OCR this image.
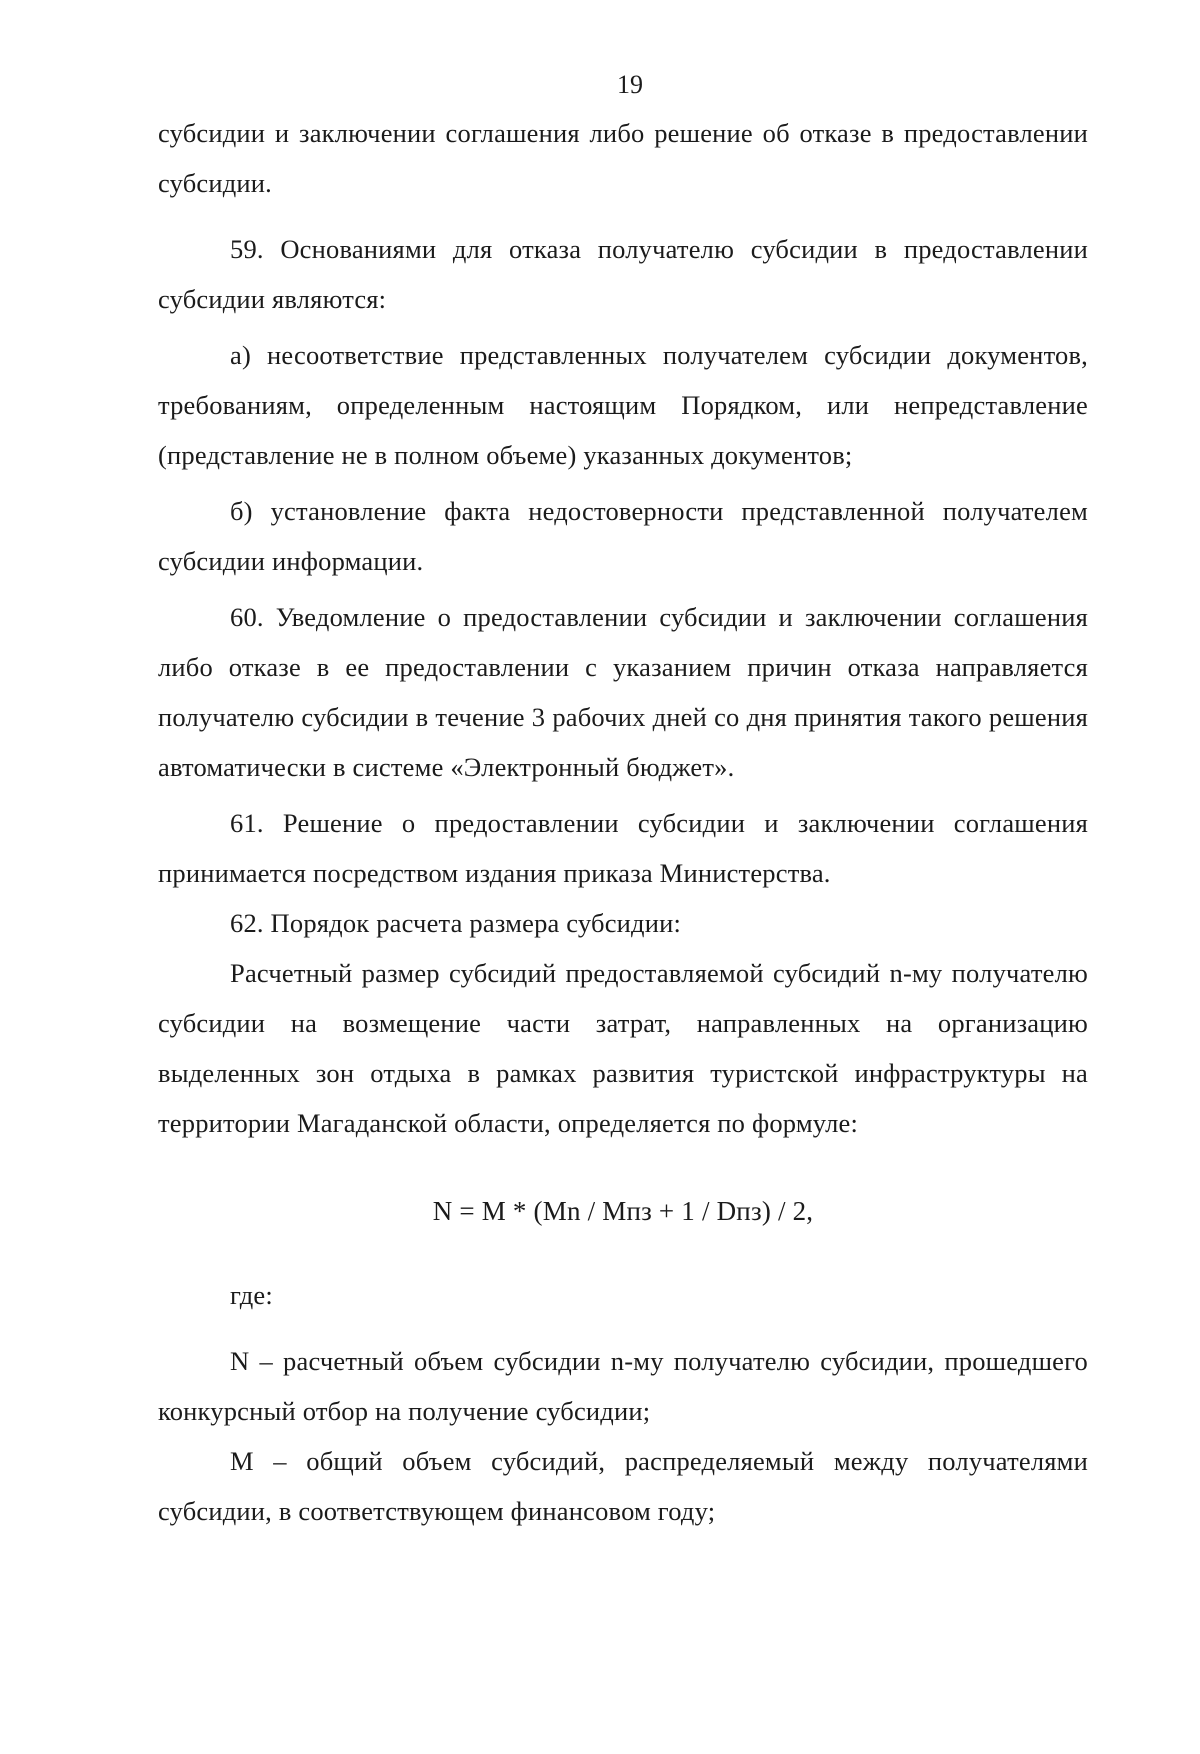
19

субсидии и заключении соглашения либо решение об отказе в предоставлении субсидии.

59. Основаниями для отказа получателю субсидии в предоставлении субсидии являются:

а) несоответствие представленных получателем субсидии документов, требованиям, определенным настоящим Порядком, или непредставление (представление не в полном объеме) указанных документов;

б) установление факта недостоверности представленной получателем субсидии информации.

60. Уведомление о предоставлении субсидии и заключении соглашения либо отказе в ее предоставлении с указанием причин отказа направляется получателю субсидии в течение 3 рабочих дней со дня принятия такого решения автоматически в системе «Электронный бюджет».

61. Решение о предоставлении субсидии и заключении соглашения принимается посредством издания приказа Министерства.

62. Порядок расчета размера субсидии:

Расчетный размер субсидий предоставляемой субсидий n-му получателю субсидии на возмещение части затрат, направленных на организацию выделенных зон отдыха в рамках развития туристской инфраструктуры на территории Магаданской области, определяется по формуле:

N = M * (Mn / Мпз + 1 / Dпз) / 2,

где:

N – расчетный объем субсидии n-му получателю субсидии, прошедшего конкурсный отбор на получение субсидии;

M – общий объем субсидий, распределяемый между получателями субсидии, в соответствующем финансовом году;
